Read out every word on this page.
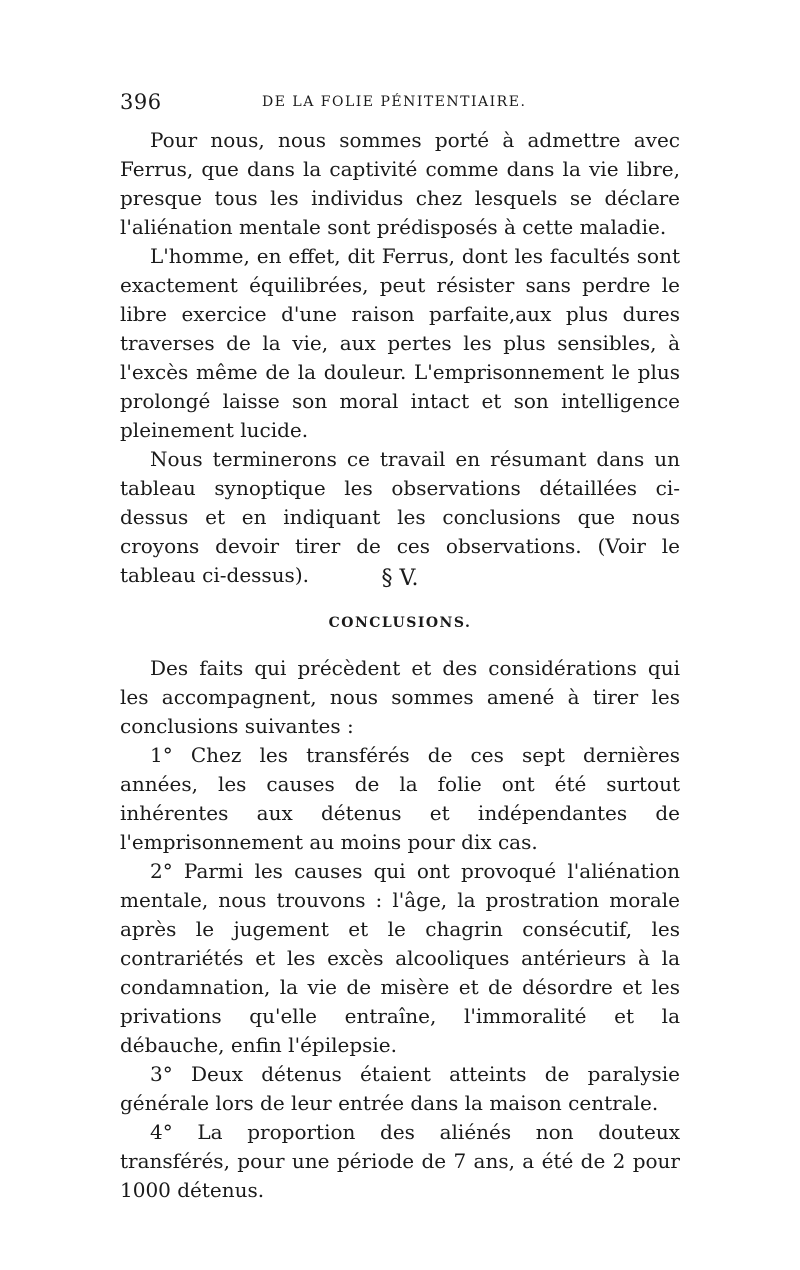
396	DE LA FOLIE PÉNITENTIAIRE.

Pour nous, nous sommes porté à admettre avec Ferrus, que dans la captivité comme dans la vie libre, presque tous les individus chez lesquels se déclare l'aliénation mentale sont prédisposés à cette maladie.

L'homme, en effet, dit Ferrus, dont les facultés sont exactement équilibrées, peut résister sans perdre le libre exercice d'une raison parfaite,aux plus dures traverses de la vie, aux pertes les plus sensibles, à l'excès même de la douleur. L'emprisonnement le plus prolongé laisse son moral intact et son intelligence pleinement lucide.

Nous terminerons ce travail en résumant dans un tableau synoptique les observations détaillées ci-dessus et en indiquant les conclusions que nous croyons devoir tirer de ces observations. (Voir le tableau ci-dessus).	§ V.
CONCLUSIONS.

Des faits qui précèdent et des considérations qui les accompagnent, nous sommes amené à tirer les conclusions suivantes :

1° Chez les transférés de ces sept dernières années, les causes de la folie ont été surtout inhérentes aux détenus et indépendantes de l'emprisonnement au moins pour dix cas.

2° Parmi les causes qui ont provoqué l'aliénation mentale, nous trouvons : l'âge, la prostration morale après le jugement et le chagrin consécutif, les contrariétés et les excès alcooliques antérieurs à la condamnation, la vie de misère et de désordre et les privations qu'elle entraîne, l'immoralité et la débauche, enfin l'épilepsie.

3° Deux détenus étaient atteints de paralysie générale lors de leur entrée dans la maison centrale.

4° La proportion des aliénés non douteux transférés, pour une période de 7 ans, a été de 2 pour 1000 détenus.
